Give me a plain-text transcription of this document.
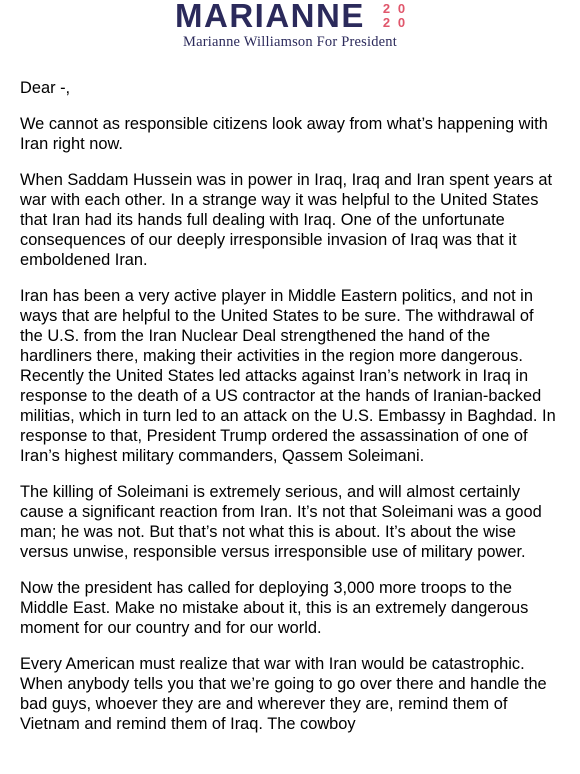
MARIANNE 2 0
2 0
Marianne Williamson For President

Dear -,

We cannot as responsible citizens look away from what’s happening with Iran right now.

When Saddam Hussein was in power in Iraq, Iraq and Iran spent years at war with each other. In a strange way it was helpful to the United States that Iran had its hands full dealing with Iraq. One of the unfortunate consequences of our deeply irresponsible invasion of Iraq was that it emboldened Iran.

Iran has been a very active player in Middle Eastern politics, and not in ways that are helpful to the United States to be sure. The withdrawal of the U.S. from the Iran Nuclear Deal strengthened the hand of the hardliners there, making their activities in the region more dangerous. Recently the United States led attacks against Iran’s network in Iraq in response to the death of a US contractor at the hands of Iranian-backed militias, which in turn led to an attack on the U.S. Embassy in Baghdad. In response to that, President Trump ordered the assassination of one of Iran’s highest military commanders, Qassem Soleimani.

The killing of Soleimani is extremely serious, and will almost certainly cause a significant reaction from Iran. It’s not that Soleimani was a good man; he was not. But that’s not what this is about. It’s about the wise versus unwise, responsible versus irresponsible use of military power.

Now the president has called for deploying 3,000 more troops to the Middle East. Make no mistake about it, this is an extremely dangerous moment for our country and for our world.

Every American must realize that war with Iran would be catastrophic. When anybody tells you that we’re going to go over there and handle the bad guys, whoever they are and wherever they are, remind them of Vietnam and remind them of Iraq. The cowboy
